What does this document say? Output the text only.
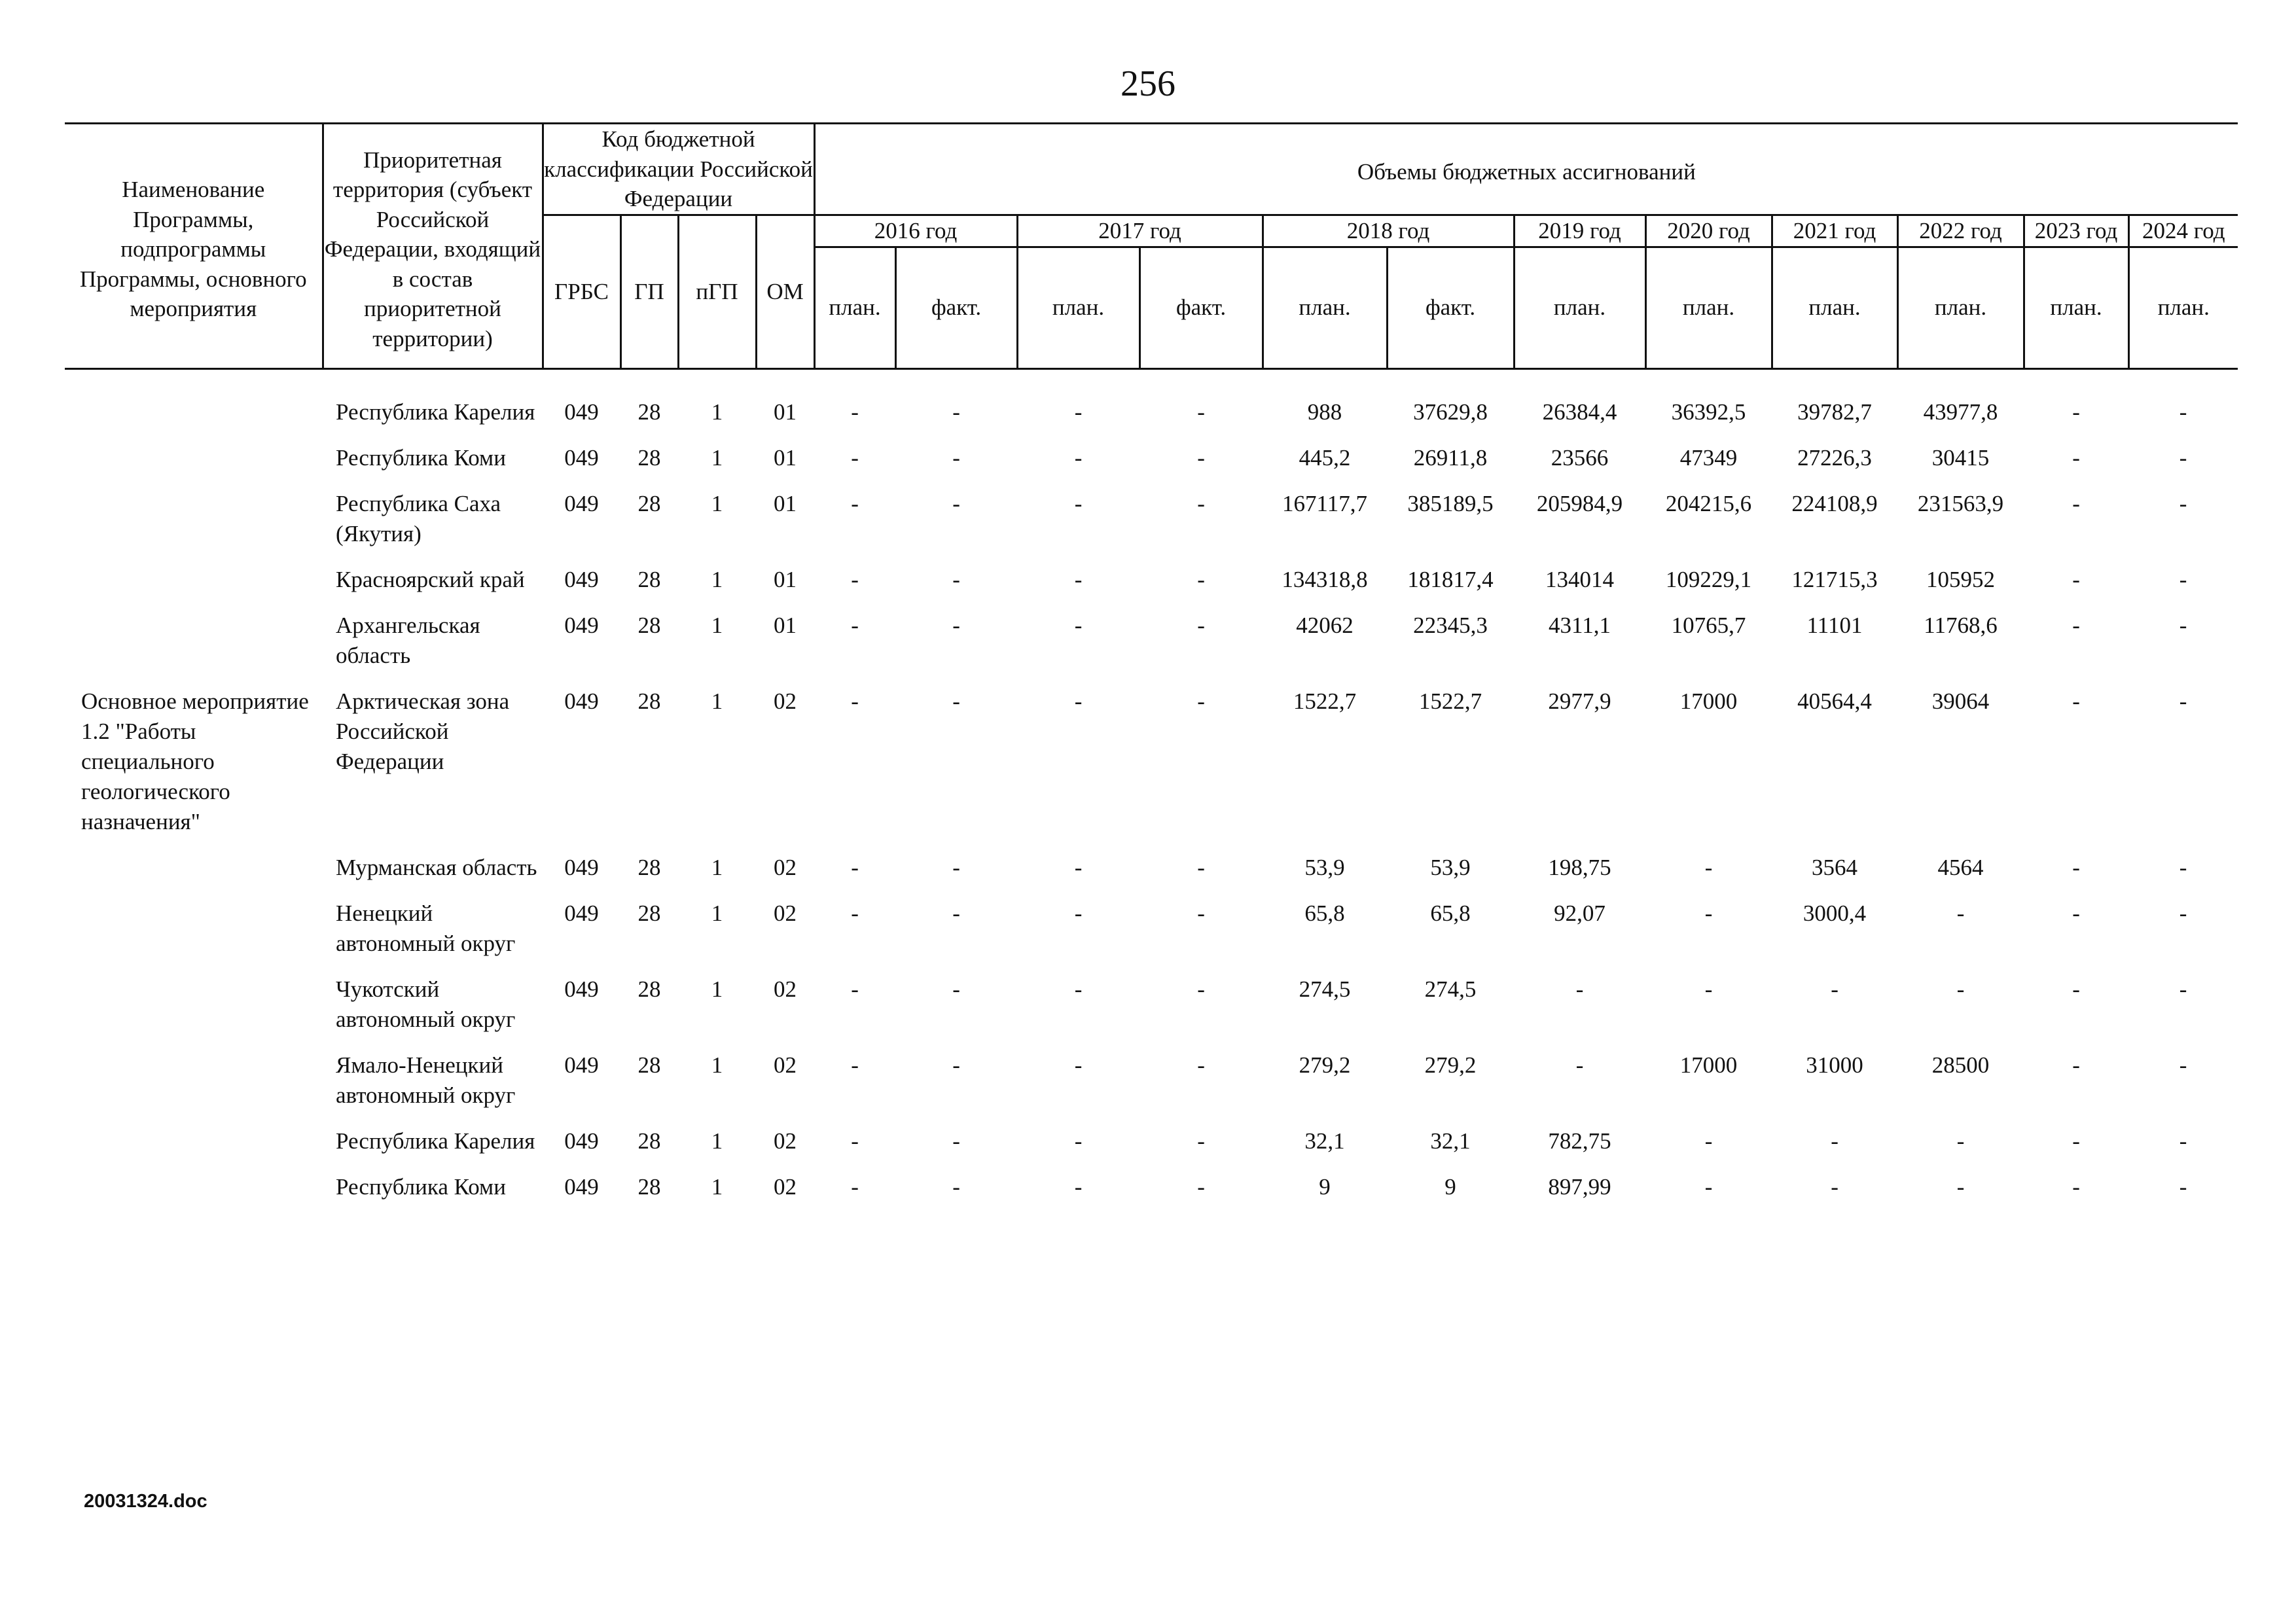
256
Наименование Программы, подпрограммы Программы, основного мероприятия	Приоритетная территория (субъект Российской Федерации, входящий в состав приоритетной территории)	Код бюджетной классификации Российской Федерации				Объемы бюджетных ассигнований											
		ГРБС	ГП	пГП	ОМ	2016 год		2017 год		2018 год		2019 год	2020 год	2021 год	2022 год	2023 год	2024 год
						план.	факт.	план.	факт.	план.	факт.	план.	план.	план.	план.	план.	план.

	Республика Карелия	049	28	1	01	-	-	-	-	988	37629,8	26384,4	36392,5	39782,7	43977,8	-	-
	Республика Коми	049	28	1	01	-	-	-	-	445,2	26911,8	23566	47349	27226,3	30415	-	-
	Республика Саха (Якутия)	049	28	1	01	-	-	-	-	167117,7	385189,5	205984,9	204215,6	224108,9	231563,9	-	-
	Красноярский край	049	28	1	01	-	-	-	-	134318,8	181817,4	134014	109229,1	121715,3	105952	-	-
	Архангельская область	049	28	1	01	-	-	-	-	42062	22345,3	4311,1	10765,7	11101	11768,6	-	-
Основное мероприятие 1.2 "Работы специального геологического назначения"	Арктическая зона Российской Федерации	049	28	1	02	-	-	-	-	1522,7	1522,7	2977,9	17000	40564,4	39064	-	-
	Мурманская область	049	28	1	02	-	-	-	-	53,9	53,9	198,75	-	3564	4564	-	-
	Ненецкий автономный округ	049	28	1	02	-	-	-	-	65,8	65,8	92,07	-	3000,4	-	-	-
	Чукотский автономный округ	049	28	1	02	-	-	-	-	274,5	274,5	-	-	-	-	-	-
	Ямало-Ненецкий автономный округ	049	28	1	02	-	-	-	-	279,2	279,2	-	17000	31000	28500	-	-
	Республика Карелия	049	28	1	02	-	-	-	-	32,1	32,1	782,75	-	-	-	-	-
	Республика Коми	049	28	1	02	-	-	-	-	9	9	897,99	-	-	-	-	-
20031324.doc
